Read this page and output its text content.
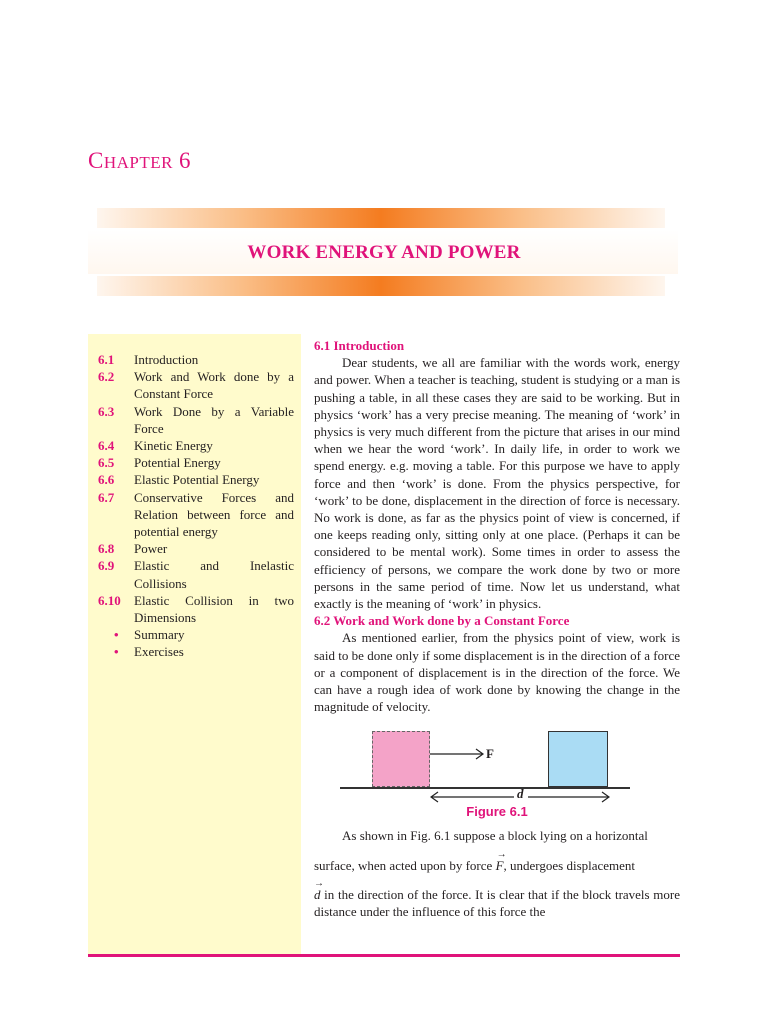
CHAPTER 6
WORK ENERGY AND POWER
6.1	Introduction
6.2	Work and Work done by a Constant Force
6.3	Work Done by a Variable Force
6.4	Kinetic Energy
6.5	Potential Energy
6.6	Elastic Potential Energy
6.7	Conservative Forces and Relation between force and potential energy
6.8	Power
6.9	Elastic and Inelastic Collisions
6.10	Elastic Collision in two Dimensions
•	Summary
•	Exercises
6.1 Introduction

Dear students, we all are familiar with the words work, energy and power. When a teacher is teaching, student is studying or a man is pushing a table, in all these cases they are said to be working. But in physics ‘work’ has a very precise meaning. The meaning of ‘work’ in physics is very much different from the picture that arises in our mind when we hear the word ‘work’. In daily life, in order to work we spend energy. e.g. moving a table. For this purpose we have to apply force and then ‘work’ is done. From the physics perspective, for ‘work’ to be done, displacement in the direction of force is necessary. No work is done, as far as the physics point of view is concerned, if one keeps reading only, sitting only at one place. (Perhaps it can be considered to be mental work). Some times in order to assess the efficiency of persons, we compare the work done by two or more persons in the same period of time. Now let us understand, what exactly is the meaning of ‘work’ in physics.

6.2 Work and Work done by a Constant Force

As mentioned earlier, from the physics point of view, work is said to be done only if some displacement is in the direction of a force or a component of displacement is in the direction of the force. We can have a rough idea of work done by knowing the change in the magnitude of velocity.

F
d
Figure 6.1

As shown in Fig. 6.1 suppose a block lying on a horizontal

surface, when acted upon by force
→
F, undergoes displacement

→
d in the direction of the force. It is clear that if the block travels more distance under the influence of this force the
